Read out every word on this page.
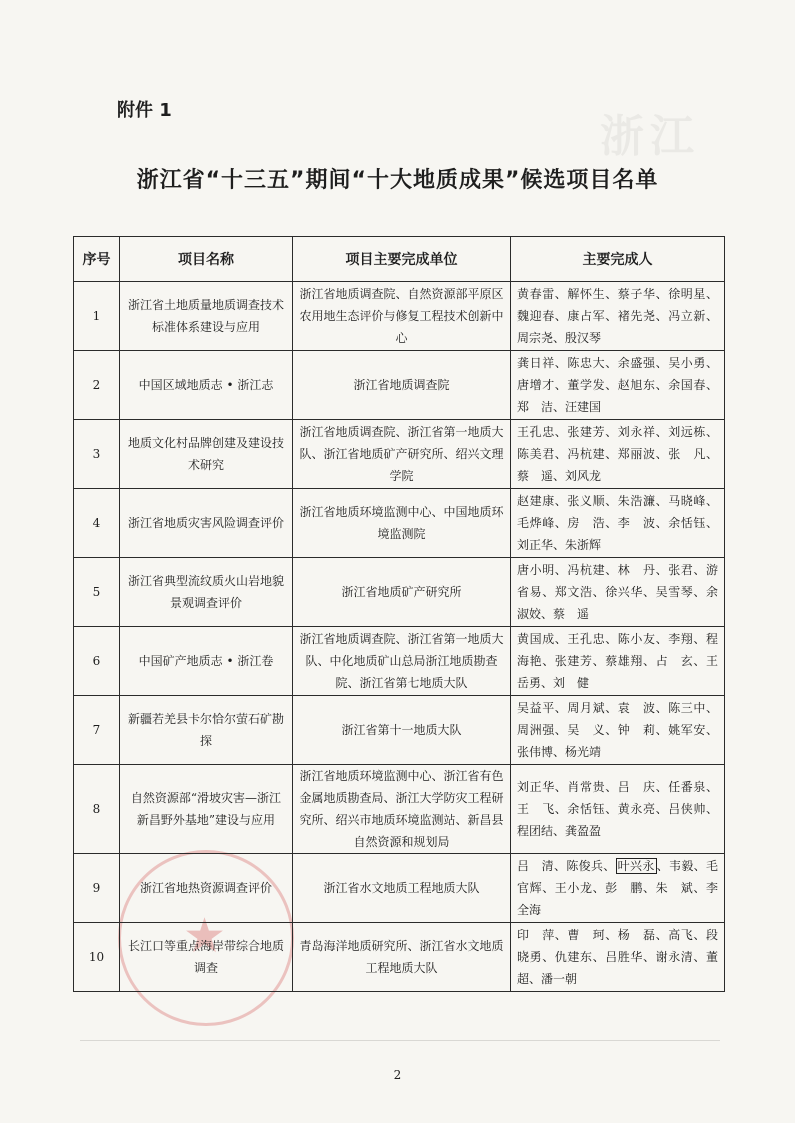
浙江
★
附件 1
浙江省“十三五”期间“十大地质成果”候选项目名单
序号	项目名称	项目主要完成单位	主要完成人
1	浙江省土地质量地质调查技术标准体系建设与应用	浙江省地质调查院、自然资源部平原区农用地生态评价与修复工程技术创新中心	黄春雷、解怀生、蔡子华、徐明星、魏迎春、康占军、褚先尧、冯立新、周宗尧、殷汉琴
2	中国区域地质志 • 浙江志	浙江省地质调查院	龚日祥、陈忠大、余盛强、吴小勇、唐增才、董学发、赵旭东、余国春、郑　洁、汪建国
3	地质文化村品牌创建及建设技术研究	浙江省地质调查院、浙江省第一地质大队、浙江省地质矿产研究所、绍兴文理学院	王孔忠、张建芳、刘永祥、刘远栋、陈美君、冯杭建、郑丽波、张　凡、蔡　遥、刘风龙
4	浙江省地质灾害风险调查评价	浙江省地质环境监测中心、中国地质环境监测院	赵建康、张义顺、朱浩濂、马晓峰、毛烨峰、房　浩、李　波、余恬钰、刘正华、朱浙辉
5	浙江省典型流纹质火山岩地貌景观调查评价	浙江省地质矿产研究所	唐小明、冯杭建、林　丹、张君、游省易、郑文浩、徐兴华、吴雪琴、余淑姣、蔡　遥
6	中国矿产地质志 • 浙江卷	浙江省地质调查院、浙江省第一地质大队、中化地质矿山总局浙江地质勘查院、浙江省第七地质大队	黄国成、王孔忠、陈小友、李翔、程海艳、张建芳、蔡雄翔、占　玄、王岳勇、刘　健
7	新疆若羌县卡尔恰尔萤石矿勘探	浙江省第十一地质大队	吴益平、周月斌、袁　波、陈三中、周洲强、吴　义、钟　莉、姚军安、张伟博、杨光靖
8	自然资源部“滑坡灾害—浙江新昌野外基地”建设与应用	浙江省地质环境监测中心、浙江省有色金属地质勘查局、浙江大学防灾工程研究所、绍兴市地质环境监测站、新昌县自然资源和规划局	刘正华、肖常贵、吕　庆、任番泉、王　飞、余恬钰、黄永亮、吕侠帅、程团结、龚盈盈
9	浙江省地热资源调查评价	浙江省水文地质工程地质大队	吕　清、陈俊兵、 叶兴永 、韦毅、毛官辉、王小龙、彭　鹏、朱　斌、李全海
10	长江口等重点海岸带综合地质调查	青岛海洋地质研究所、浙江省水文地质工程地质大队	印　萍、曹　珂、杨　磊、高飞、段晓勇、仇建东、吕胜华、谢永清、董　超、潘一朝
2
